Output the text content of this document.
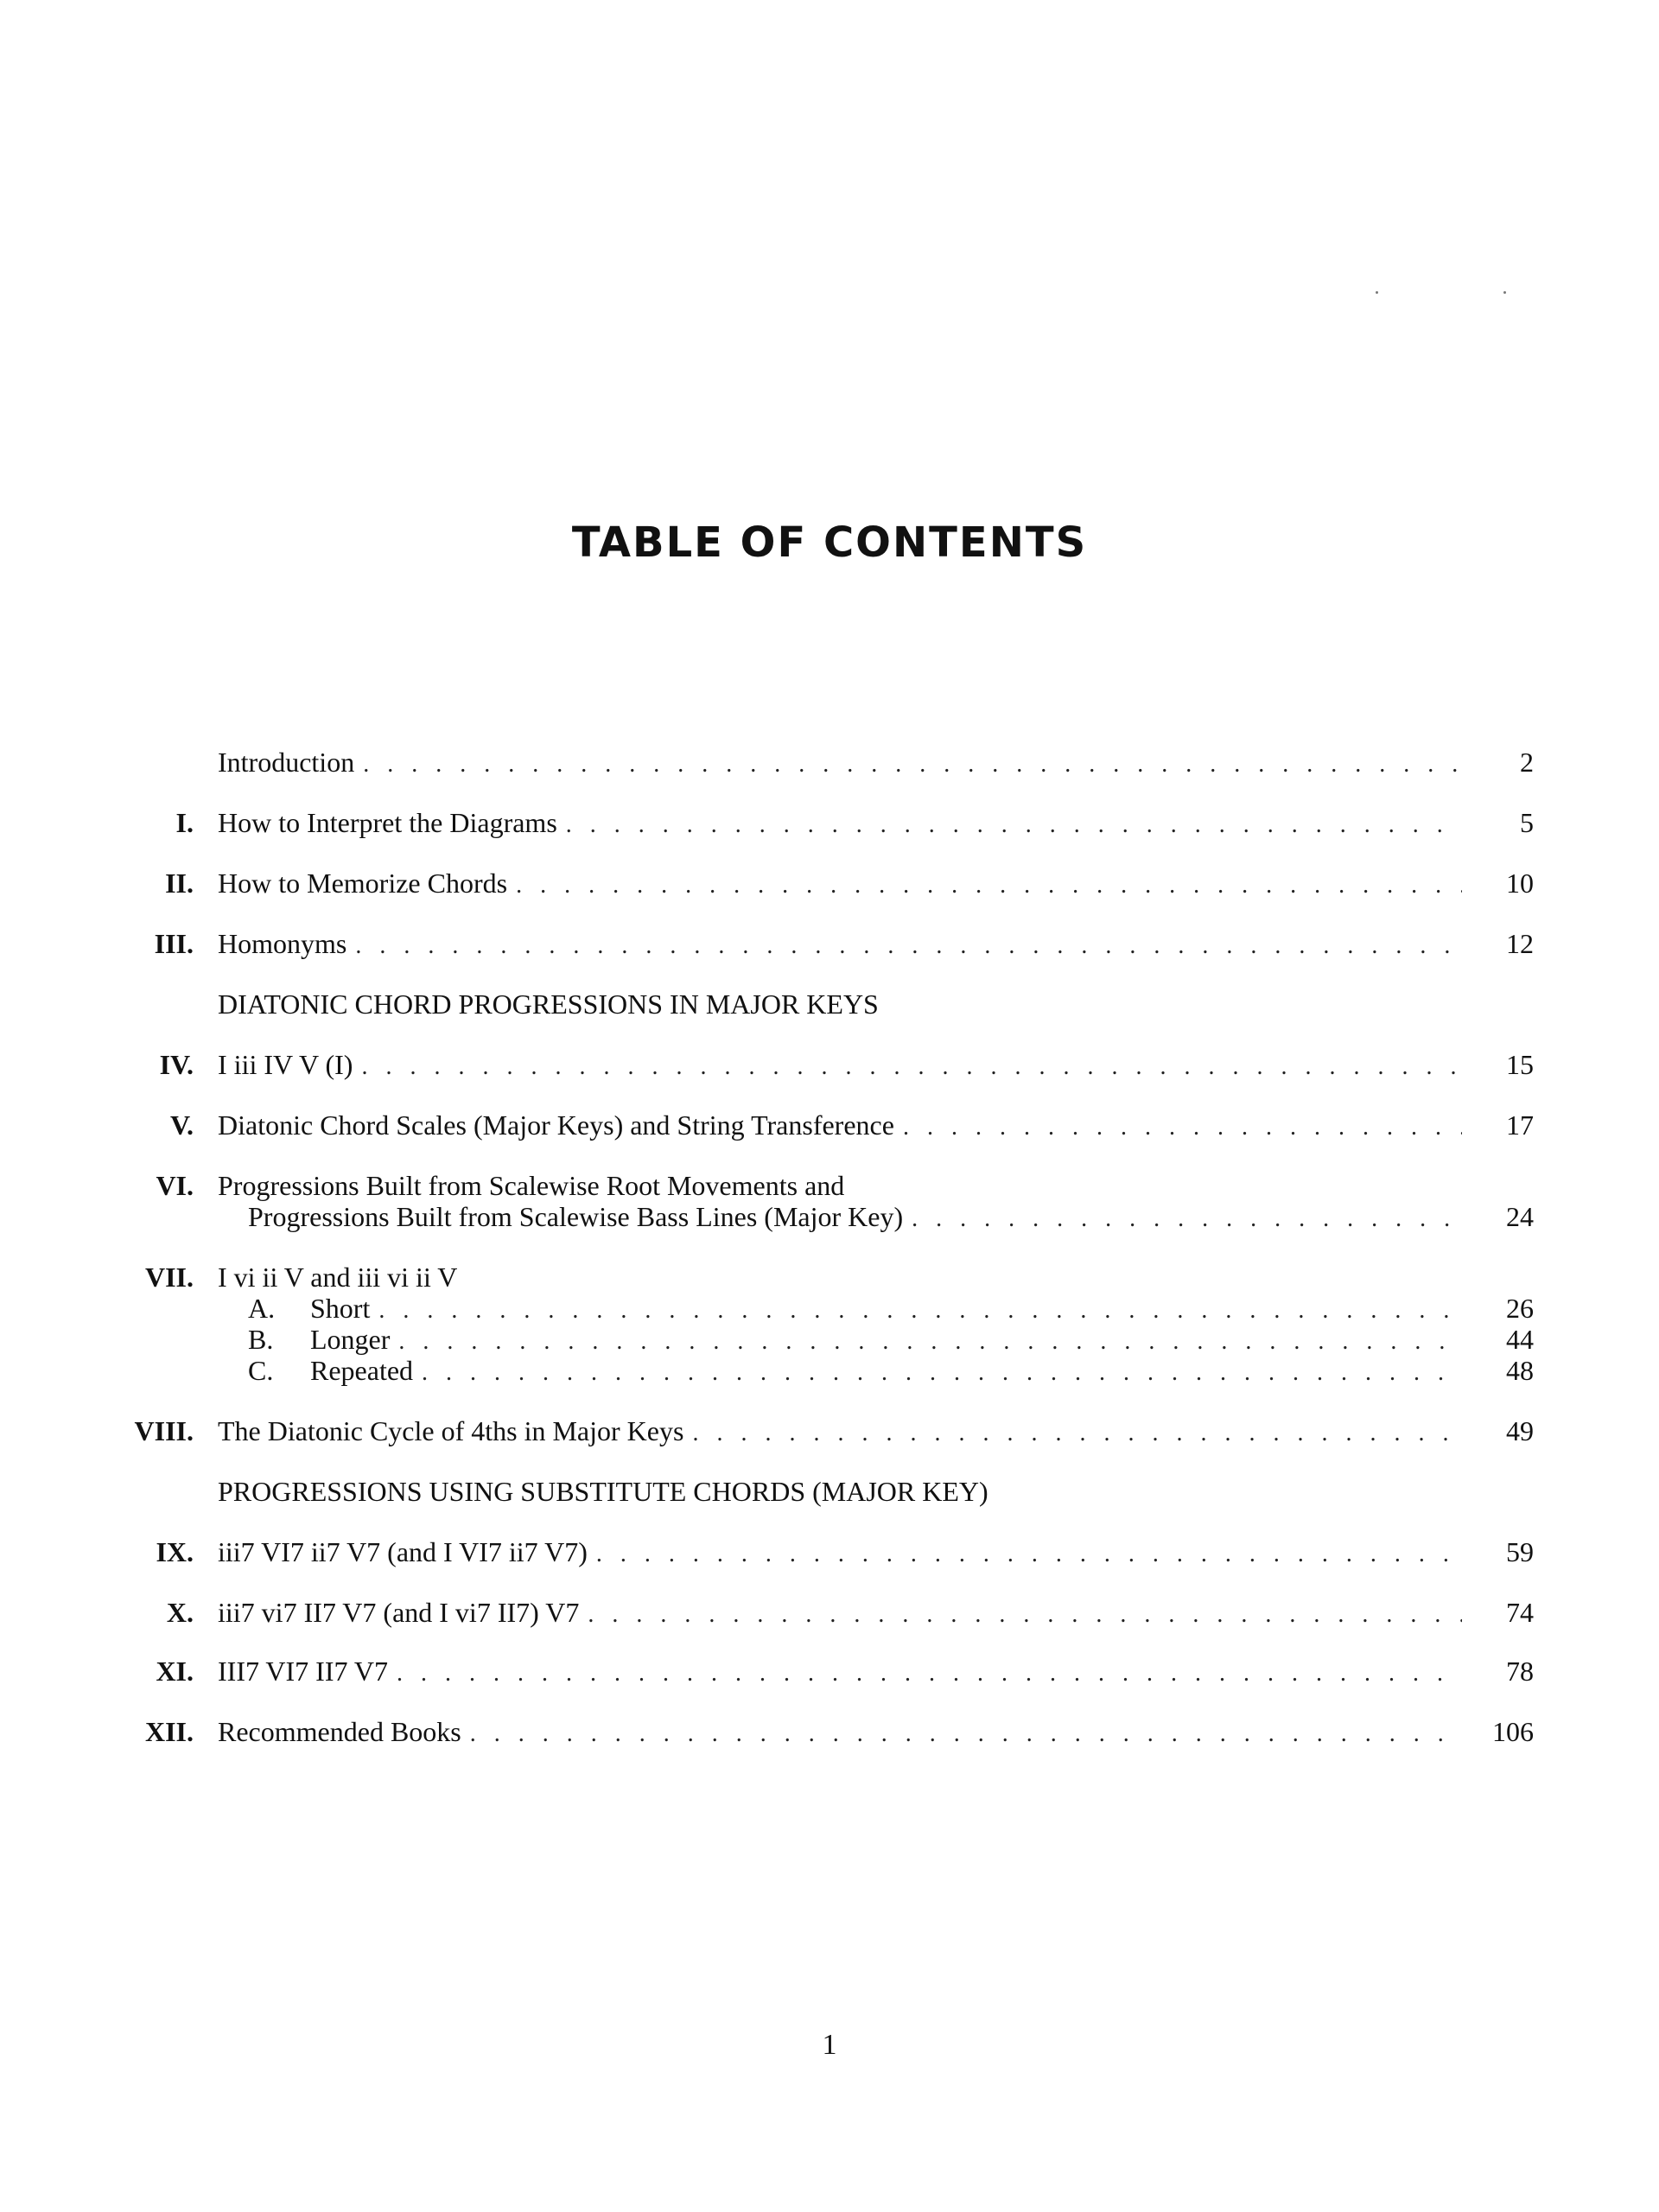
TABLE OF CONTENTS
Introduction . . .	2
I. How to Interpret the Diagrams . . .	5
II. How to Memorize Chords . . .	10
III. Homonyms . . .	12
DIATONIC CHORD PROGRESSIONS IN MAJOR KEYS
IV. I iii IV V (I) . . .	15
V. Diatonic Chord Scales (Major Keys) and String Transference . . .	17
VI. Progressions Built from Scalewise Root Movements and
Progressions Built from Scalewise Bass Lines (Major Key) . . .	24
VII. I vi ii V and iii vi ii V
A. Short . . .	26
B. Longer . . .	44
C. Repeated . . .	48
VIII. The Diatonic Cycle of 4ths in Major Keys . . .	49
PROGRESSIONS USING SUBSTITUTE CHORDS (MAJOR KEY)
IX. iii7 VI7 ii7 V7 (and I VI7 ii7 V7) . . .	59
X. iii7 vi7 II7 V7 (and I vi7 II7) V7 . . .	74
XI. III7 VI7 II7 V7 . . .	78
XII. Recommended Books . . .	106
1
